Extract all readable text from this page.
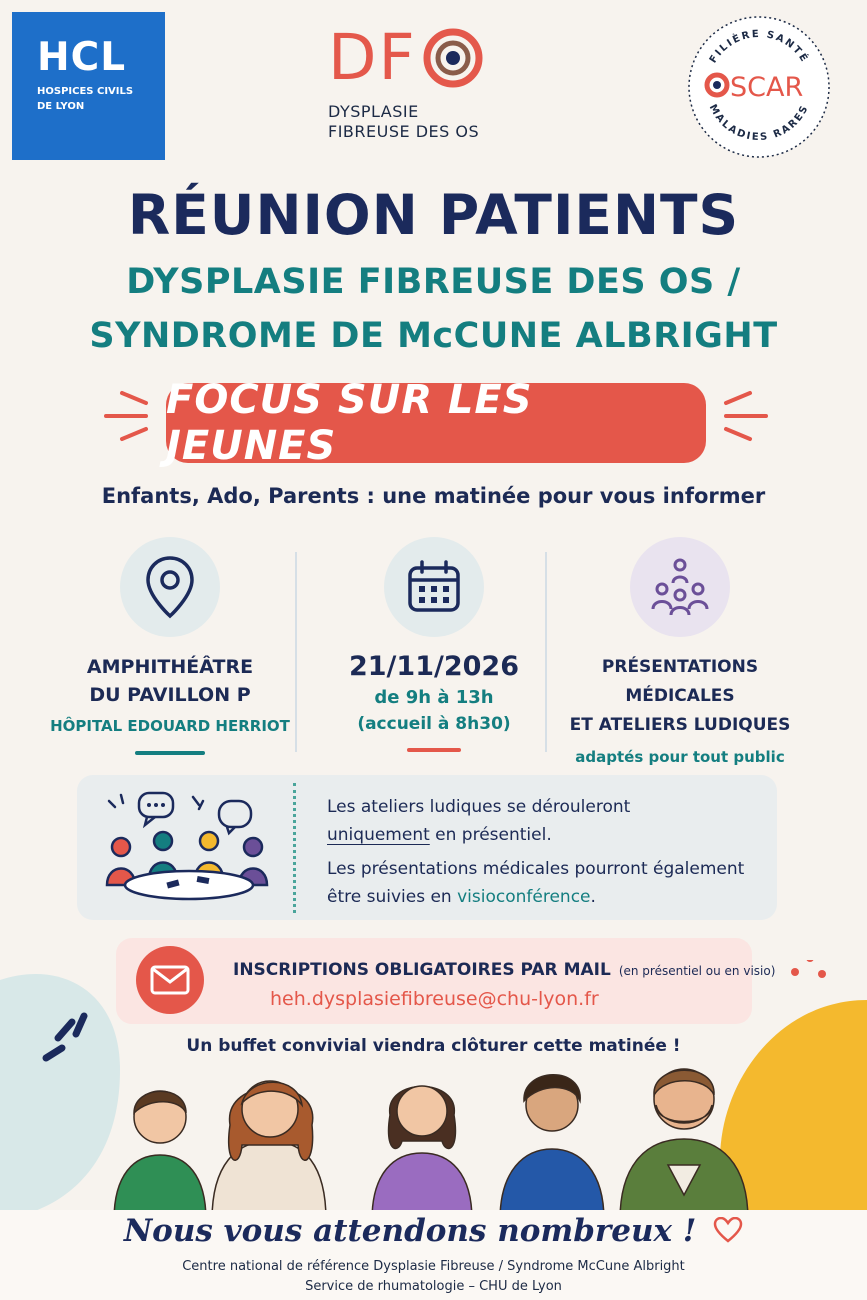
HCL
HOSPICES CIVILS
DE LYON
DF
DYSPLASIE
FIBREUSE DES OS
FILIÈRE SANTÉ
MALADIES RARES
SCAR
RÉUNION PATIENTS
DYSPLASIE FIBREUSE DES OS /
SYNDROME DE McCUNE ALBRIGHT
FOCUS SUR LES JEUNES
Enfants, Ado, Parents : une matinée pour vous informer
AMPHITHÉÂTRE
DU PAVILLON P
HÔPITAL EDOUARD HERRIOT
21/11/2026
de 9h à 13h
(accueil à 8h30)
PRÉSENTATIONS MÉDICALES
ET ATELIERS LUDIQUES
adaptés pour tout public
Les ateliers ludiques se dérouleront
uniquement en présentiel.
Les présentations médicales pourront également
être suivies en visioconférence.
INSCRIPTIONS OBLIGATOIRES PAR MAIL (en présentiel ou en visio)
heh.dysplasiefibreuse@chu-lyon.fr
Un buffet convivial viendra clôturer cette matinée !
Nous vous attendons nombreux !
Centre national de référence Dysplasie Fibreuse / Syndrome McCune Albright
Service de rhumatologie – CHU de Lyon
